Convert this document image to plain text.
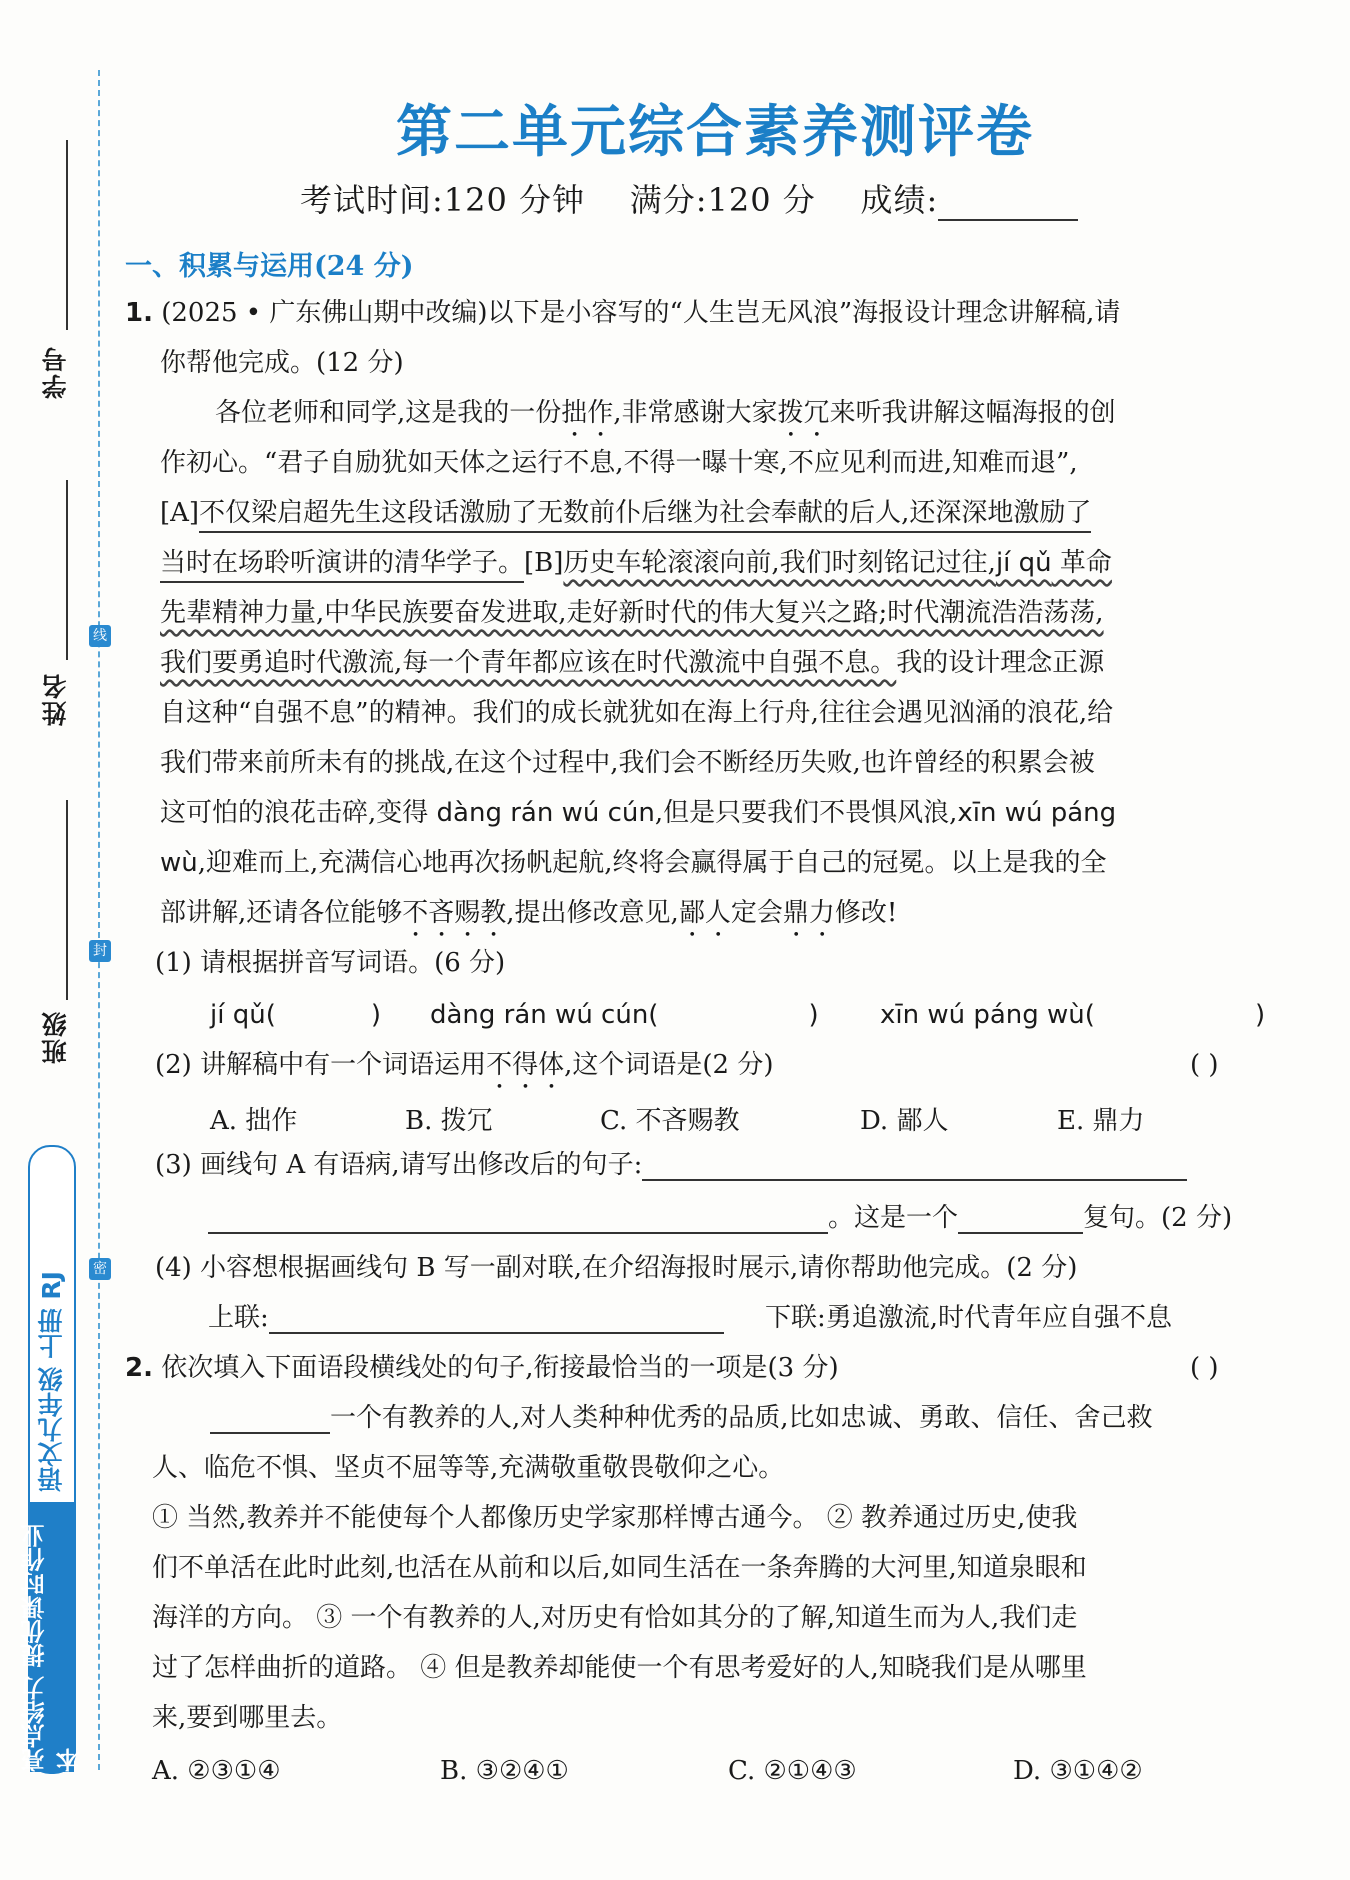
学号
姓名
班级
线
封
密
语文九年级 上册 RJ
亮点给力 提优课时作业本
第二单元综合素养测评卷
考试时间:120 分钟 满分:120 分 成绩:
一、积累与运用(24 分)
1. (2025 • 广东佛山期中改编)以下是小容写的“人生岂无风浪”海报设计理念讲解稿,请
你帮他完成。(12 分)
各位老师和同学,这是我的一份拙作,非常感谢大家拨冗来听我讲解这幅海报的创
作初心。“君子自励犹如天体之运行不息,不得一曝十寒,不应见利而进,知难而退”,
[A]不仅梁启超先生这段话激励了无数前仆后继为社会奉献的后人,还深深地激励了
当时在场聆听演讲的清华学子。[B]历史车轮滚滚向前,我们时刻铭记过往,jí qǔ 革命
先辈精神力量,中华民族要奋发进取,走好新时代的伟大复兴之路;时代潮流浩浩荡荡,
我们要勇追时代激流,每一个青年都应该在时代激流中自强不息。我的设计理念正源
自这种“自强不息”的精神。我们的成长就犹如在海上行舟,往往会遇见汹涌的浪花,给
我们带来前所未有的挑战,在这个过程中,我们会不断经历失败,也许曾经的积累会被
这可怕的浪花击碎,变得 dàng rán wú cún,但是只要我们不畏惧风浪,xīn wú páng
wù,迎难而上,充满信心地再次扬帆起航,终将会赢得属于自己的冠冕。以上是我的全
部讲解,还请各位能够不吝赐教,提出修改意见,鄙人定会鼎力修改!
(1) 请根据拼音写词语。(6 分)
jí qǔ(	) dàng rán wú cún(	) xīn wú páng wù(	)
(2) 讲解稿中有一个词语运用不得体,这个词语是(2 分)	( )
A. 拙作	B. 拨冗	C. 不吝赐教	D. 鄙人	E. 鼎力
(3) 画线句 A 有语病,请写出修改后的句子:
。这是一个	复句。(2 分)
(4) 小容想根据画线句 B 写一副对联,在介绍海报时展示,请你帮助他完成。(2 分)
上联:	下联:勇追激流,时代青年应自强不息
2. 依次填入下面语段横线处的句子,衔接最恰当的一项是(3 分)	( )
一个有教养的人,对人类种种优秀的品质,比如忠诚、勇敢、信任、舍己救
人、临危不惧、坚贞不屈等等,充满敬重敬畏敬仰之心。
① 当然,教养并不能使每个人都像历史学家那样博古通今。 ② 教养通过历史,使我
们不单活在此时此刻,也活在从前和以后,如同生活在一条奔腾的大河里,知道泉眼和
海洋的方向。 ③ 一个有教养的人,对历史有恰如其分的了解,知道生而为人,我们走
过了怎样曲折的道路。 ④ 但是教养却能使一个有思考爱好的人,知晓我们是从哪里
来,要到哪里去。
A. ②③①④	B. ③②④①	C. ②①④③	D. ③①④②
